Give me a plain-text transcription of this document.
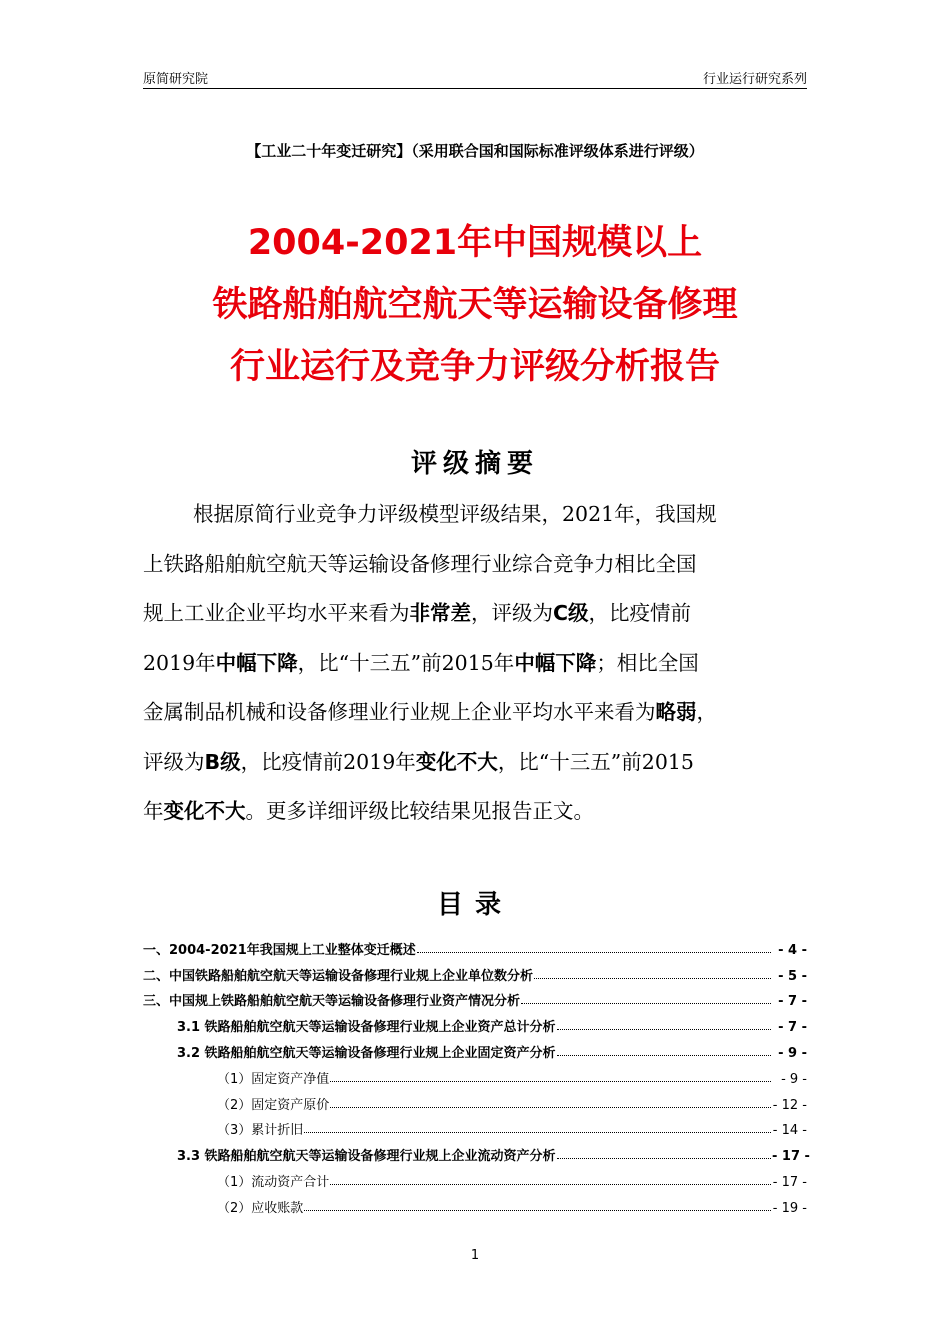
原简研究院	行业运行研究系列
【工业二十年变迁研究】（采用联合国和国际标准评级体系进行评级）
2004-2021年中国规模以上
铁路船舶航空航天等运输设备修理
行业运行及竞争力评级分析报告
评级摘要
根据原简行业竞争力评级模型评级结果，2021年，我国规
上铁路船舶航空航天等运输设备修理行业综合竞争力相比全国
规上工业企业平均水平来看为非常差，评级为C级，比疫情前
2019年中幅下降，比“十三五”前2015年中幅下降；相比全国
金属制品机械和设备修理业行业规上企业平均水平来看为略弱，
评级为B级，比疫情前2019年变化不大，比“十三五”前2015
年变化不大。更多详细评级比较结果见报告正文。
目录
一、2004-2021年我国规上工业整体变迁概述	- 4 -
二、中国铁路船舶航空航天等运输设备修理行业规上企业单位数分析	- 5 -
三、中国规上铁路船舶航空航天等运输设备修理行业资产情况分析	- 7 -
3.1 铁路船舶航空航天等运输设备修理行业规上企业资产总计分析	- 7 -
3.2 铁路船舶航空航天等运输设备修理行业规上企业固定资产分析	- 9 -
（1）固定资产净值	- 9 -
（2）固定资产原价	- 12 -
（3）累计折旧	- 14 -
3.3 铁路船舶航空航天等运输设备修理行业规上企业流动资产分析	- 17 -
（1）流动资产合计	- 17 -
（2）应收账款	- 19 -
1
